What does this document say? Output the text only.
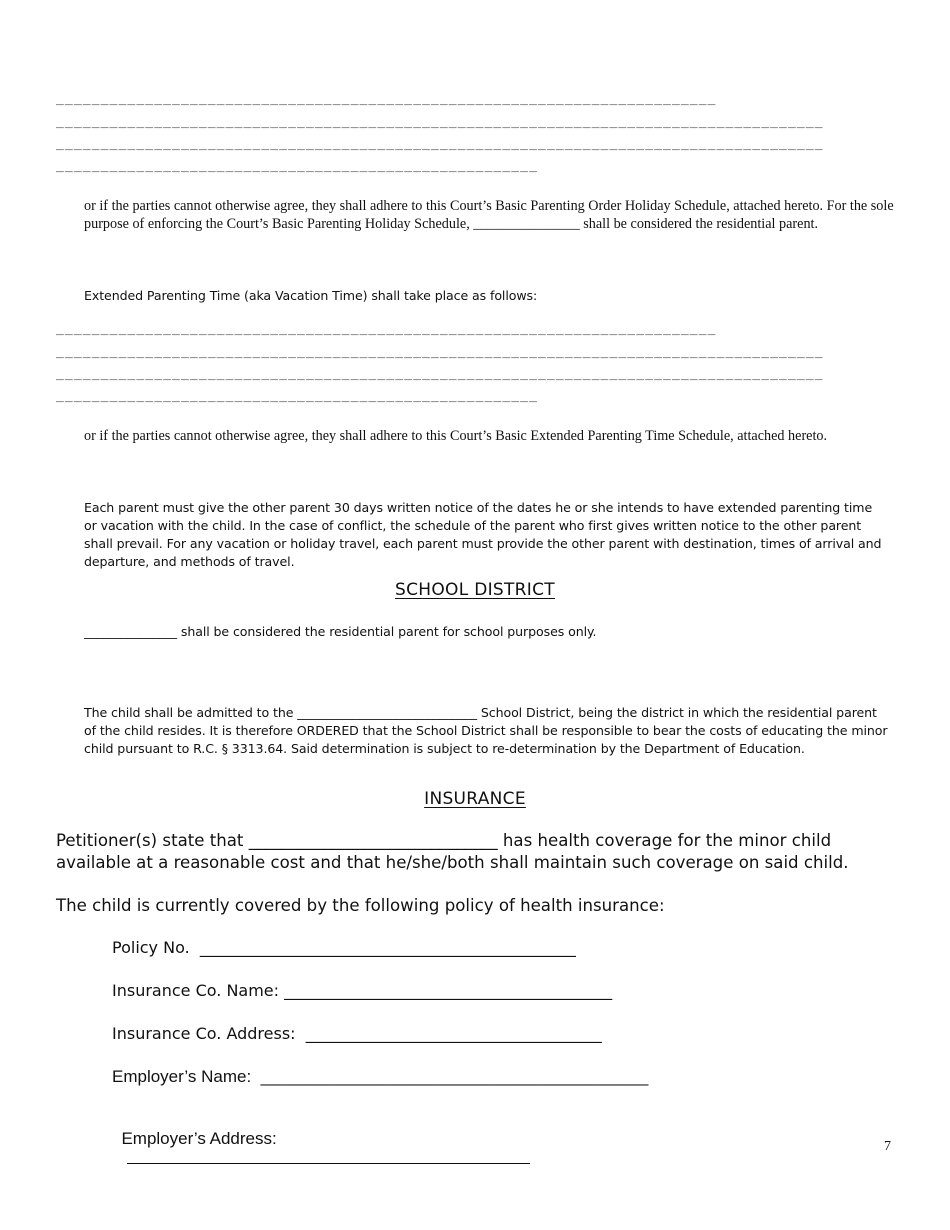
__________________________________________________________________________
______________________________________________________________________________________
______________________________________________________________________________________
______________________________________________________
or if the parties cannot otherwise agree, they shall adhere to this Court’s Basic Parenting Order Holiday Schedule, attached hereto. For the sole purpose of enforcing the Court’s Basic Parenting Holiday Schedule, _______________ shall be considered the residential parent.
Extended Parenting Time (aka Vacation Time) shall take place as follows:
__________________________________________________________________________
______________________________________________________________________________________
______________________________________________________________________________________
______________________________________________________
or if the parties cannot otherwise agree, they shall adhere to this Court’s Basic Extended Parenting Time Schedule, attached hereto.
Each parent must give the other parent 30 days written notice of the dates he or she intends to have extended parenting time or vacation with the child. In the case of conflict, the schedule of the parent who first gives written notice to the other parent shall prevail. For any vacation or holiday travel, each parent must provide the other parent with destination, times of arrival and departure, and methods of travel.
SCHOOL DISTRICT
_______________ shall be considered the residential parent for school purposes only.
The child shall be admitted to the _____________________________ School District, being the district in which the residential parent of the child resides. It is therefore ORDERED that the School District shall be responsible to bear the costs of educating the minor child pursuant to R.C. § 3313.64. Said determination is subject to re-determination by the Department of Education.
INSURANCE
Petitioner(s) state that ______________________________ has health coverage for the minor child available at a reasonable cost and that he/she/both shall maintain such coverage on said child.
The child is currently covered by the following policy of health insurance:
Policy No.  _______________________________________________
Insurance Co. Name: _________________________________________
Insurance Co. Address:  _____________________________________
Employer’s Name:  _________________________________________

Employer’s Address:
	7
